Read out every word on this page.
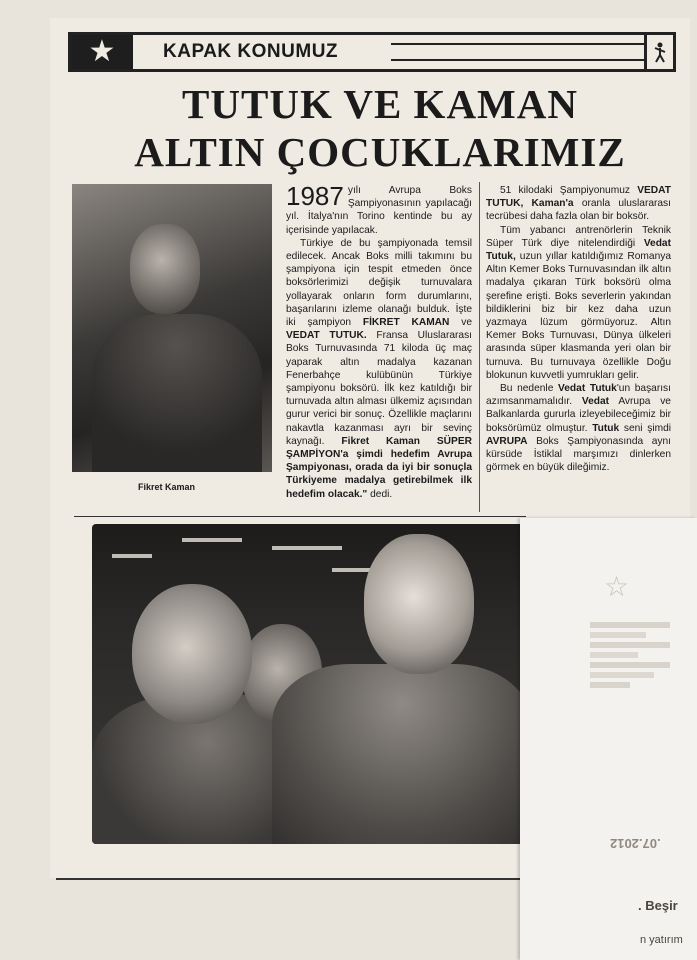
★	KAPAK KONUMUZ
TUTUK VE KAMAN
ALTIN ÇOCUKLARIMIZ
Fikret Kaman

1987 yılı Avrupa Boks Şampiyonasının yapılacağı yıl. İtalya'nın Torino kentinde bu ay içerisinde yapılacak.

Türkiye de bu şampiyonada temsil edilecek. Ancak Boks milli takımını bu şampiyona için tespit etmeden önce boksörlerimizi değişik turnuvalara yollayarak onların form durumlarını, başarılarını izleme olanağı bulduk. İşte iki şampiyon FİKRET KAMAN ve VEDAT TUTUK. Fransa Uluslararası Boks Turnuvasında 71 kiloda üç maç yaparak altın madalya kazanan Fenerbahçe kulübünün Türkiye şampiyonu boksörü. İlk kez katıldığı bir turnuvada altın alması ülkemiz açısından gurur verici bir sonuç. Özellikle maçlarını nakavtla kazanması ayrı bir sevinç kaynağı. Fikret Kaman SÜPER ŞAMPİYON'a şimdi hedefim Avrupa Şampiyonası, orada da iyi bir sonuçla Türkiyeme madalya getirebilmek ilk hedefim olacak." dedi.

51 kilodaki Şampiyonumuz VEDAT TUTUK, Kaman'a oranla uluslararası tecrübesi daha fazla olan bir boksör.

Tüm yabancı antrenörlerin Teknik Süper Türk diye nitelendirdiği Vedat Tutuk, uzun yıllar katıldığımız Romanya Altın Kemer Boks Turnuvasından ilk altın madalya çıkaran Türk boksörü olma şerefine erişti. Boks severlerin yakından bildiklerini biz bir kez daha uzun yazmaya lüzum görmüyoruz. Altın Kemer Boks Turnuvası, Dünya ülkeleri arasında süper klasmanda yeri olan bir turnuva. Bu turnuvaya özellikle Doğu blokunun kuvvetli yumrukları gelir.

Bu nedenle Vedat Tutuk'un başarısı azımsanmamalıdır. Vedat Avrupa ve Balkanlarda gururla izleyebileceğimiz bir boksörümüz olmuştur. Tutuk seni şimdi AVRUPA Boks Şampiyonasında aynı kürsüde İstiklal marşımızı dinlerken görmek en büyük dileğimiz.

☆
.07.2012
. Beşir
n yatırım
